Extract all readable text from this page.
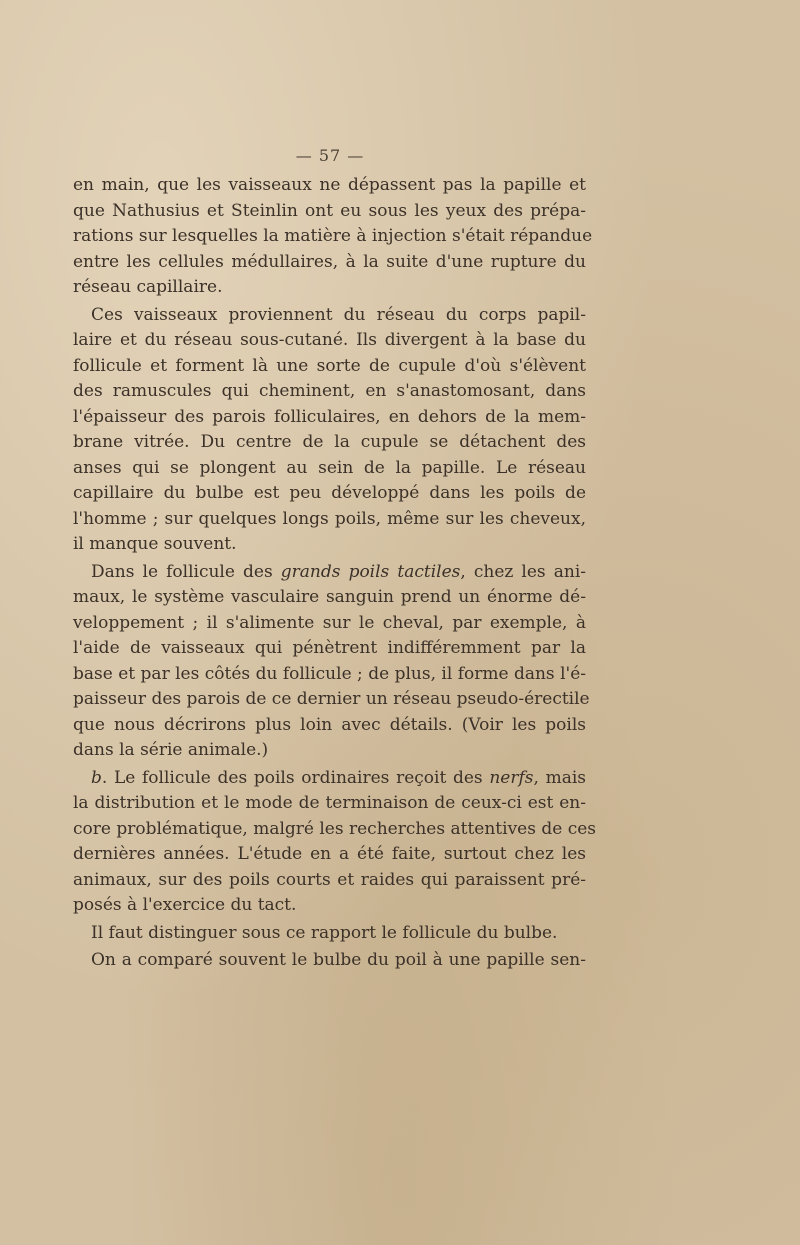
— 57 —
en main, que les vaisseaux ne dépassent pas la papille et
que Nathusius et Steinlin ont eu sous les yeux des prépa-
rations sur lesquelles la matière à injection s'était répandue
entre les cellules médullaires, à la suite d'une rupture du
réseau capillaire.
Ces vaisseaux proviennent du réseau du corps papil-
laire et du réseau sous-cutané. Ils divergent à la base du
follicule et forment là une sorte de cupule d'où s'élèvent
des ramuscules qui cheminent, en s'anastomosant, dans
l'épaisseur des parois folliculaires, en dehors de la mem-
brane vitrée. Du centre de la cupule se détachent des
anses qui se plongent au sein de la papille. Le réseau
capillaire du bulbe est peu développé dans les poils de
l'homme ; sur quelques longs poils, même sur les cheveux,
il manque souvent.
Dans le follicule des grands poils tactiles, chez les ani-
maux, le système vasculaire sanguin prend un énorme dé-
veloppement ; il s'alimente sur le cheval, par exemple, à
l'aide de vaisseaux qui pénètrent indifféremment par la
base et par les côtés du follicule ; de plus, il forme dans l'é-
paisseur des parois de ce dernier un réseau pseudo-érectile
que nous décrirons plus loin avec détails. (Voir les poils
dans la série animale.)
b. Le follicule des poils ordinaires reçoit des nerfs, mais
la distribution et le mode de terminaison de ceux-ci est en-
core problématique, malgré les recherches attentives de ces
dernières années. L'étude en a été faite, surtout chez les
animaux, sur des poils courts et raides qui paraissent pré-
posés à l'exercice du tact.
Il faut distinguer sous ce rapport le follicule du bulbe.
On a comparé souvent le bulbe du poil à une papille sen-
